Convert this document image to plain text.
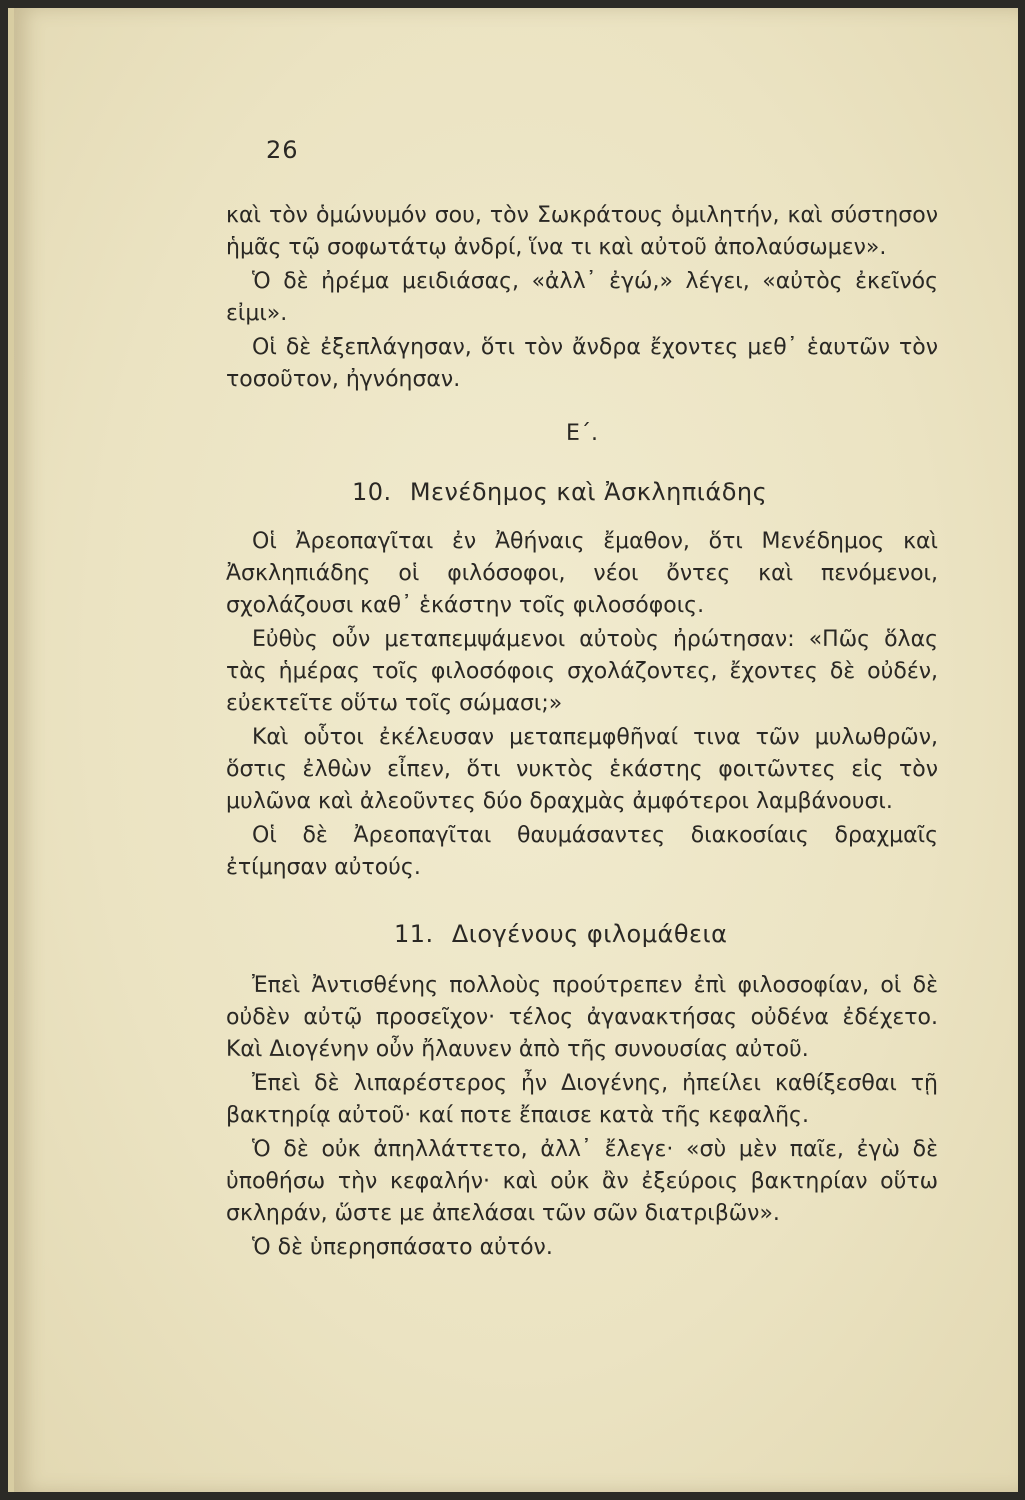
26

καὶ τὸν ὁμώνυμόν σου, τὸν Σωκράτους ὁμιλητήν, καὶ σύστησον ἡμᾶς τῷ σοφωτάτῳ ἀνδρί, ἵνα τι καὶ αὐτοῦ ἀπολαύσωμεν».

Ὁ δὲ ἠρέμα μειδιάσας, «ἀλλ᾿ ἐγώ,» λέγει, «αὐτὸς ἐκεῖνός εἰμι».

Οἱ δὲ ἐξεπλάγησαν, ὅτι τὸν ἄνδρα ἔχοντες μεθ᾿ ἑαυτῶν τὸν τοσοῦτον, ἠγνόησαν.

Ε΄.
10. Μενέδημος καὶ Ἀσκληπιάδης

Οἱ Ἀρεοπαγῖται ἐν Ἀθήναις ἔμαθον, ὅτι Μενέδημος καὶ Ἀσκληπιάδης οἱ φιλόσοφοι, νέοι ὄντες καὶ πενόμενοι, σχολάζουσι καθ᾿ ἑκάστην τοῖς φιλοσόφοις.

Εὐθὺς οὖν μεταπεμψάμενοι αὐτοὺς ἠρώτησαν: «Πῶς ὅλας τὰς ἡμέρας τοῖς φιλοσόφοις σχολάζοντες, ἔχοντες δὲ οὐδέν, εὐεκτεῖτε οὕτω τοῖς σώμασι;»

Καὶ οὗτοι ἐκέλευσαν μεταπεμφθῆναί τινα τῶν μυλωθρῶν, ὅστις ἐλθὼν εἶπεν, ὅτι νυκτὸς ἑκάστης φοιτῶντες εἰς τὸν μυλῶνα καὶ ἀλεοῦντες δύο δραχμὰς ἀμφότεροι λαμβάνουσι.

Οἱ δὲ Ἀρεοπαγῖται θαυμάσαντες διακοσίαις δραχμαῖς ἐτίμησαν αὐτούς.

11. Διογένους φιλομάθεια

Ἐπεὶ Ἀντισθένης πολλοὺς προύτρεπεν ἐπὶ φιλοσοφίαν, οἱ δὲ οὐδὲν αὐτῷ προσεῖχον· τέλος ἀγανακτήσας οὐδένα ἐδέχετο. Καὶ Διογένην οὖν ἤλαυνεν ἀπὸ τῆς συνουσίας αὐτοῦ.

Ἐπεὶ δὲ λιπαρέστερος ἦν Διογένης, ἠπείλει καθίξεσθαι τῇ βακτηρίᾳ αὐτοῦ· καί ποτε ἔπαισε κατὰ τῆς κεφαλῆς.

Ὁ δὲ οὐκ ἀπηλλάττετο, ἀλλ᾿ ἔλεγε· «σὺ μὲν παῖε, ἐγὼ δὲ ὑποθήσω τὴν κεφαλήν· καὶ οὐκ ἂν ἐξεύροις βακτηρίαν οὕτω σκληράν, ὥστε με ἀπελάσαι τῶν σῶν διατριβῶν».

Ὁ δὲ ὑπερησπάσατο αὐτόν.
